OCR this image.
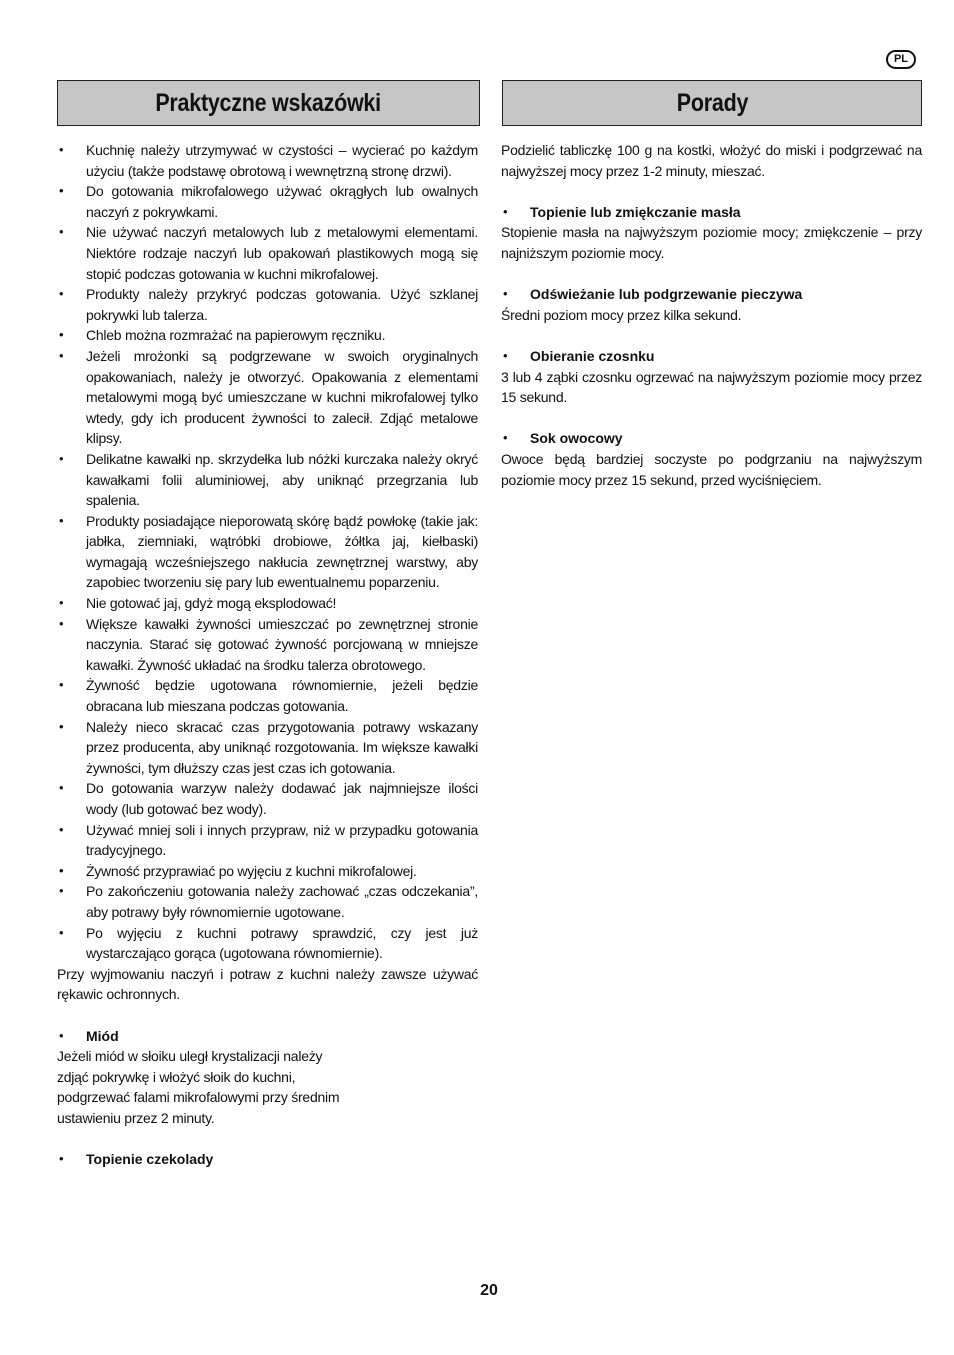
PL
Praktyczne wskazówki	Porady
• Kuchnię należy utrzymywać w czystości – wycierać po każdym użyciu (także podstawę obrotową i wewnętrzną stronę drzwi).
• Do gotowania mikrofalowego używać okrągłych lub owalnych naczyń z pokrywkami.
• Nie używać naczyń metalowych lub z metalowymi elementami. Niektóre rodzaje naczyń lub opakowań plastikowych mogą się stopić podczas gotowania w kuchni mikrofalowej.
• Produkty należy przykryć podczas gotowania. Użyć szklanej pokrywki lub talerza.
• Chleb można rozmrażać na papierowym ręczniku.
• Jeżeli mrożonki są podgrzewane w swoich oryginalnych opakowaniach, należy je otworzyć. Opakowania z elementami metalowymi mogą być umieszczane w kuchni mikrofalowej tylko wtedy, gdy ich producent żywności to zalecił. Zdjąć metalowe klipsy.
• Delikatne kawałki np. skrzydełka lub nóżki kurczaka należy okryć kawałkami folii aluminiowej, aby uniknąć przegrzania lub spalenia.
• Produkty posiadające nieporowatą skórę bądź powłokę (takie jak: jabłka, ziemniaki, wątróbki drobiowe, żółtka jaj, kiełbaski) wymagają wcześniejszego nakłucia zewnętrznej warstwy, aby zapobiec tworzeniu się pary lub ewentualnemu poparzeniu.
• Nie gotować jaj, gdyż mogą eksplodować!
• Większe kawałki żywności umieszczać po zewnętrznej stronie naczynia. Starać się gotować żywność porcjowaną w mniejsze kawałki. Żywność układać na środku talerza obrotowego.
• Żywność będzie ugotowana równomiernie, jeżeli będzie obracana lub mieszana podczas gotowania.
• Należy nieco skracać czas przygotowania potrawy wskazany przez producenta, aby uniknąć rozgotowania. Im większe kawałki żywności, tym dłuższy czas jest czas ich gotowania.
• Do gotowania warzyw należy dodawać jak najmniejsze ilości wody (lub gotować bez wody).
• Używać mniej soli i innych przypraw, niż w przypadku gotowania tradycyjnego.
• Żywność przyprawiać po wyjęciu z kuchni mikrofalowej.
• Po zakończeniu gotowania należy zachować „czas odczekania”, aby potrawy były równomiernie ugotowane.
• Po wyjęciu z kuchni potrawy sprawdzić, czy jest już wystarczająco gorąca (ugotowana równomiernie).

Przy wyjmowaniu naczyń i potraw z kuchni należy zawsze używać rękawic ochronnych.

• Miód

Jeżeli miód w słoiku uległ krystalizacji należy zdjąć pokrywkę i włożyć słoik do kuchni, podgrzewać falami mikrofalowymi przy średnim ustawieniu przez 2 minuty.

• Topienie czekolady

Podzielić tabliczkę 100 g na kostki, włożyć do miski i podgrzewać na najwyższej mocy przez 1-2 minuty, mieszać.

• Topienie lub zmiękczanie masła

Stopienie masła na najwyższym poziomie mocy; zmiękczenie – przy najniższym poziomie mocy.

• Odświeżanie lub podgrzewanie pieczywa

Średni poziom mocy przez kilka sekund.

• Obieranie czosnku

3 lub 4 ząbki czosnku ogrzewać na najwyższym poziomie mocy przez 15 sekund.

• Sok owocowy

Owoce będą bardziej soczyste po podgrzaniu na najwyższym poziomie mocy przez 15 sekund, przed wyciśnięciem.

20
